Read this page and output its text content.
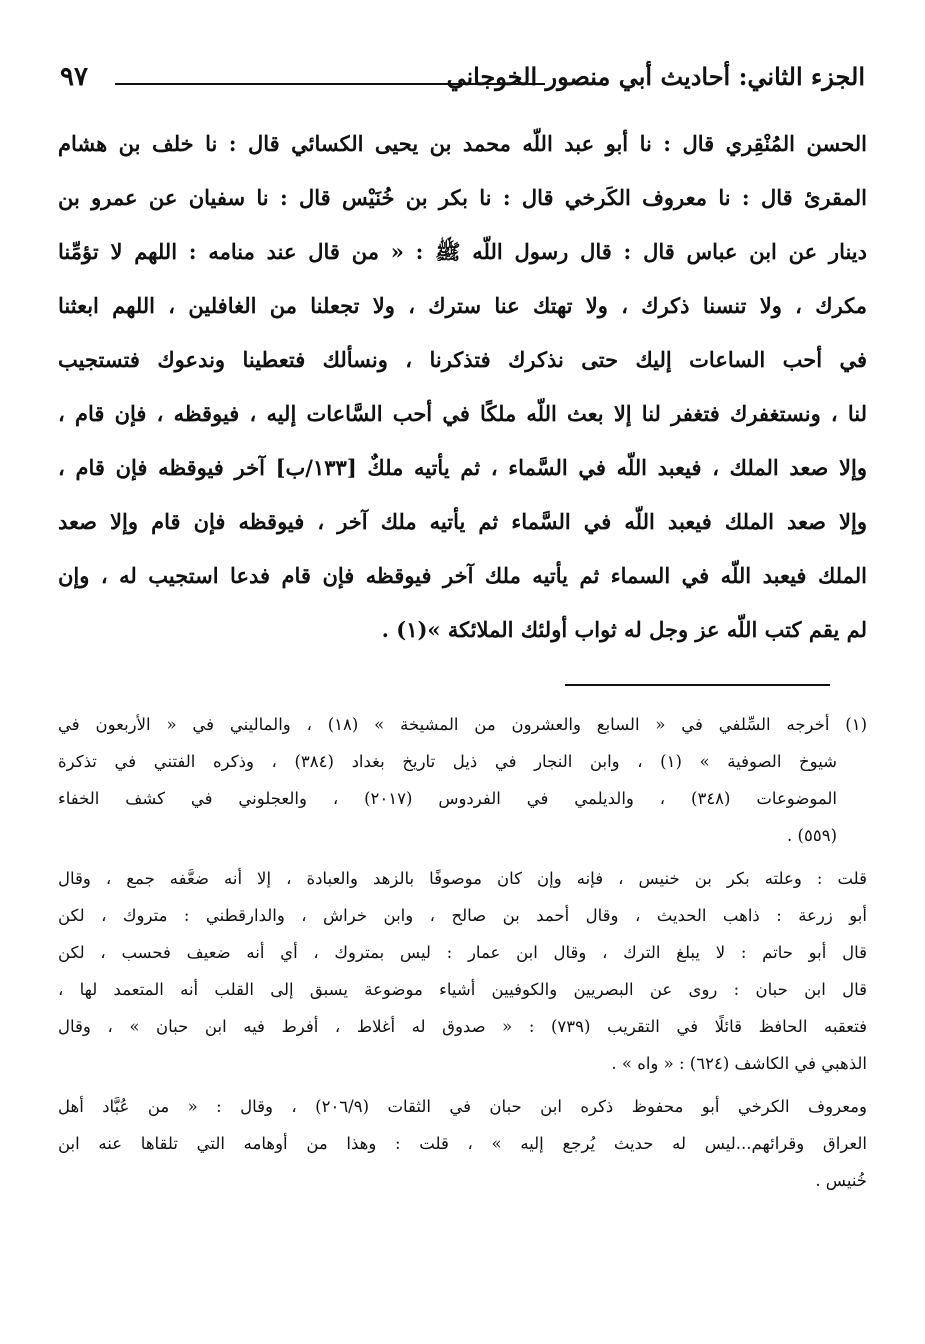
الجزء الثاني: أحاديث أبي منصور الخوجاني
٩٧
الحسن المُنْقِري قال : نا أبو عبد اللّه محمد بن يحيى الكسائي قال : نا خلف بن هشام
المقرئ قال : نا معروف الكَرخي قال : نا بكر بن خُنَيْس قال : نا سفيان عن عمرو بن
دينار عن ابن عباس قال : قال رسول اللّه ﷺ : « من قال عند منامه : اللهم لا تؤمِّنا
مكرك ، ولا تنسنا ذكرك ، ولا تهتك عنا سترك ، ولا تجعلنا من الغافلين ، اللهم ابعثنا
في أحب الساعات إليك حتى نذكرك فتذكرنا ، ونسألك فتعطينا وندعوك فتستجيب
لنا ، ونستغفرك فتغفر لنا إلا بعث اللّه ملكًا في أحب السَّاعات إليه ، فيوقظه ، فإن قام ،
وإلا صعد الملك ، فيعبد اللّه في السَّماء ، ثم يأتيه ملكٌ [١٣٣/ب] آخر فيوقظه فإن قام ،
وإلا صعد الملك فيعبد اللّه في السَّماء ثم يأتيه ملك آخر ، فيوقظه فإن قام وإلا صعد
الملك فيعبد اللّه في السماء ثم يأتيه ملك آخر فيوقظه فإن قام فدعا استجيب له ، وإن
لم يقم كتب اللّه عز وجل له ثواب أولئك الملائكة »(١) .
(١) أخرجه السِّلفي في « السابع والعشرون من المشيخة » (١٨) ، والماليني في « الأربعون في
شيوخ الصوفية » (١) ، وابن النجار في ذيل تاريخ بغداد (٣٨٤) ، وذكره الفتني في تذكرة
الموضوعات (٣٤٨) ، والديلمي في الفردوس (٢٠١٧) ، والعجلوني في كشف الخفاء
(٥٥٩) .
قلت : وعلته بكر بن خنيس ، فإنه وإن كان موصوفًا بالزهد والعبادة ، إلا أنه ضعَّفه جمع ، وقال
أبو زرعة : ذاهب الحديث ، وقال أحمد بن صالح ، وابن خراش ، والدارقطني : متروك ، لكن
قال أبو حاتم : لا يبلغ الترك ، وقال ابن عمار : ليس بمتروك ، أي أنه ضعيف فحسب ، لكن
قال ابن حبان : روى عن البصريين والكوفيين أشياء موضوعة يسبق إلى القلب أنه المتعمد لها ،
فتعقبه الحافظ قائلًا في التقريب (٧٣٩) : « صدوق له أغلاط ، أفرط فيه ابن حبان » ، وقال
الذهبي في الكاشف (٦٢٤) : « واه » .
ومعروف الكرخي أبو محفوظ ذكره ابن حبان في الثقات (٢٠٦/٩) ، وقال : « من عُبَّاد أهل
العراق وقرائهم...ليس له حديث يُرجع إليه » ، قلت : وهذا من أوهامه التي تلقاها عنه ابن
خُنيس .
